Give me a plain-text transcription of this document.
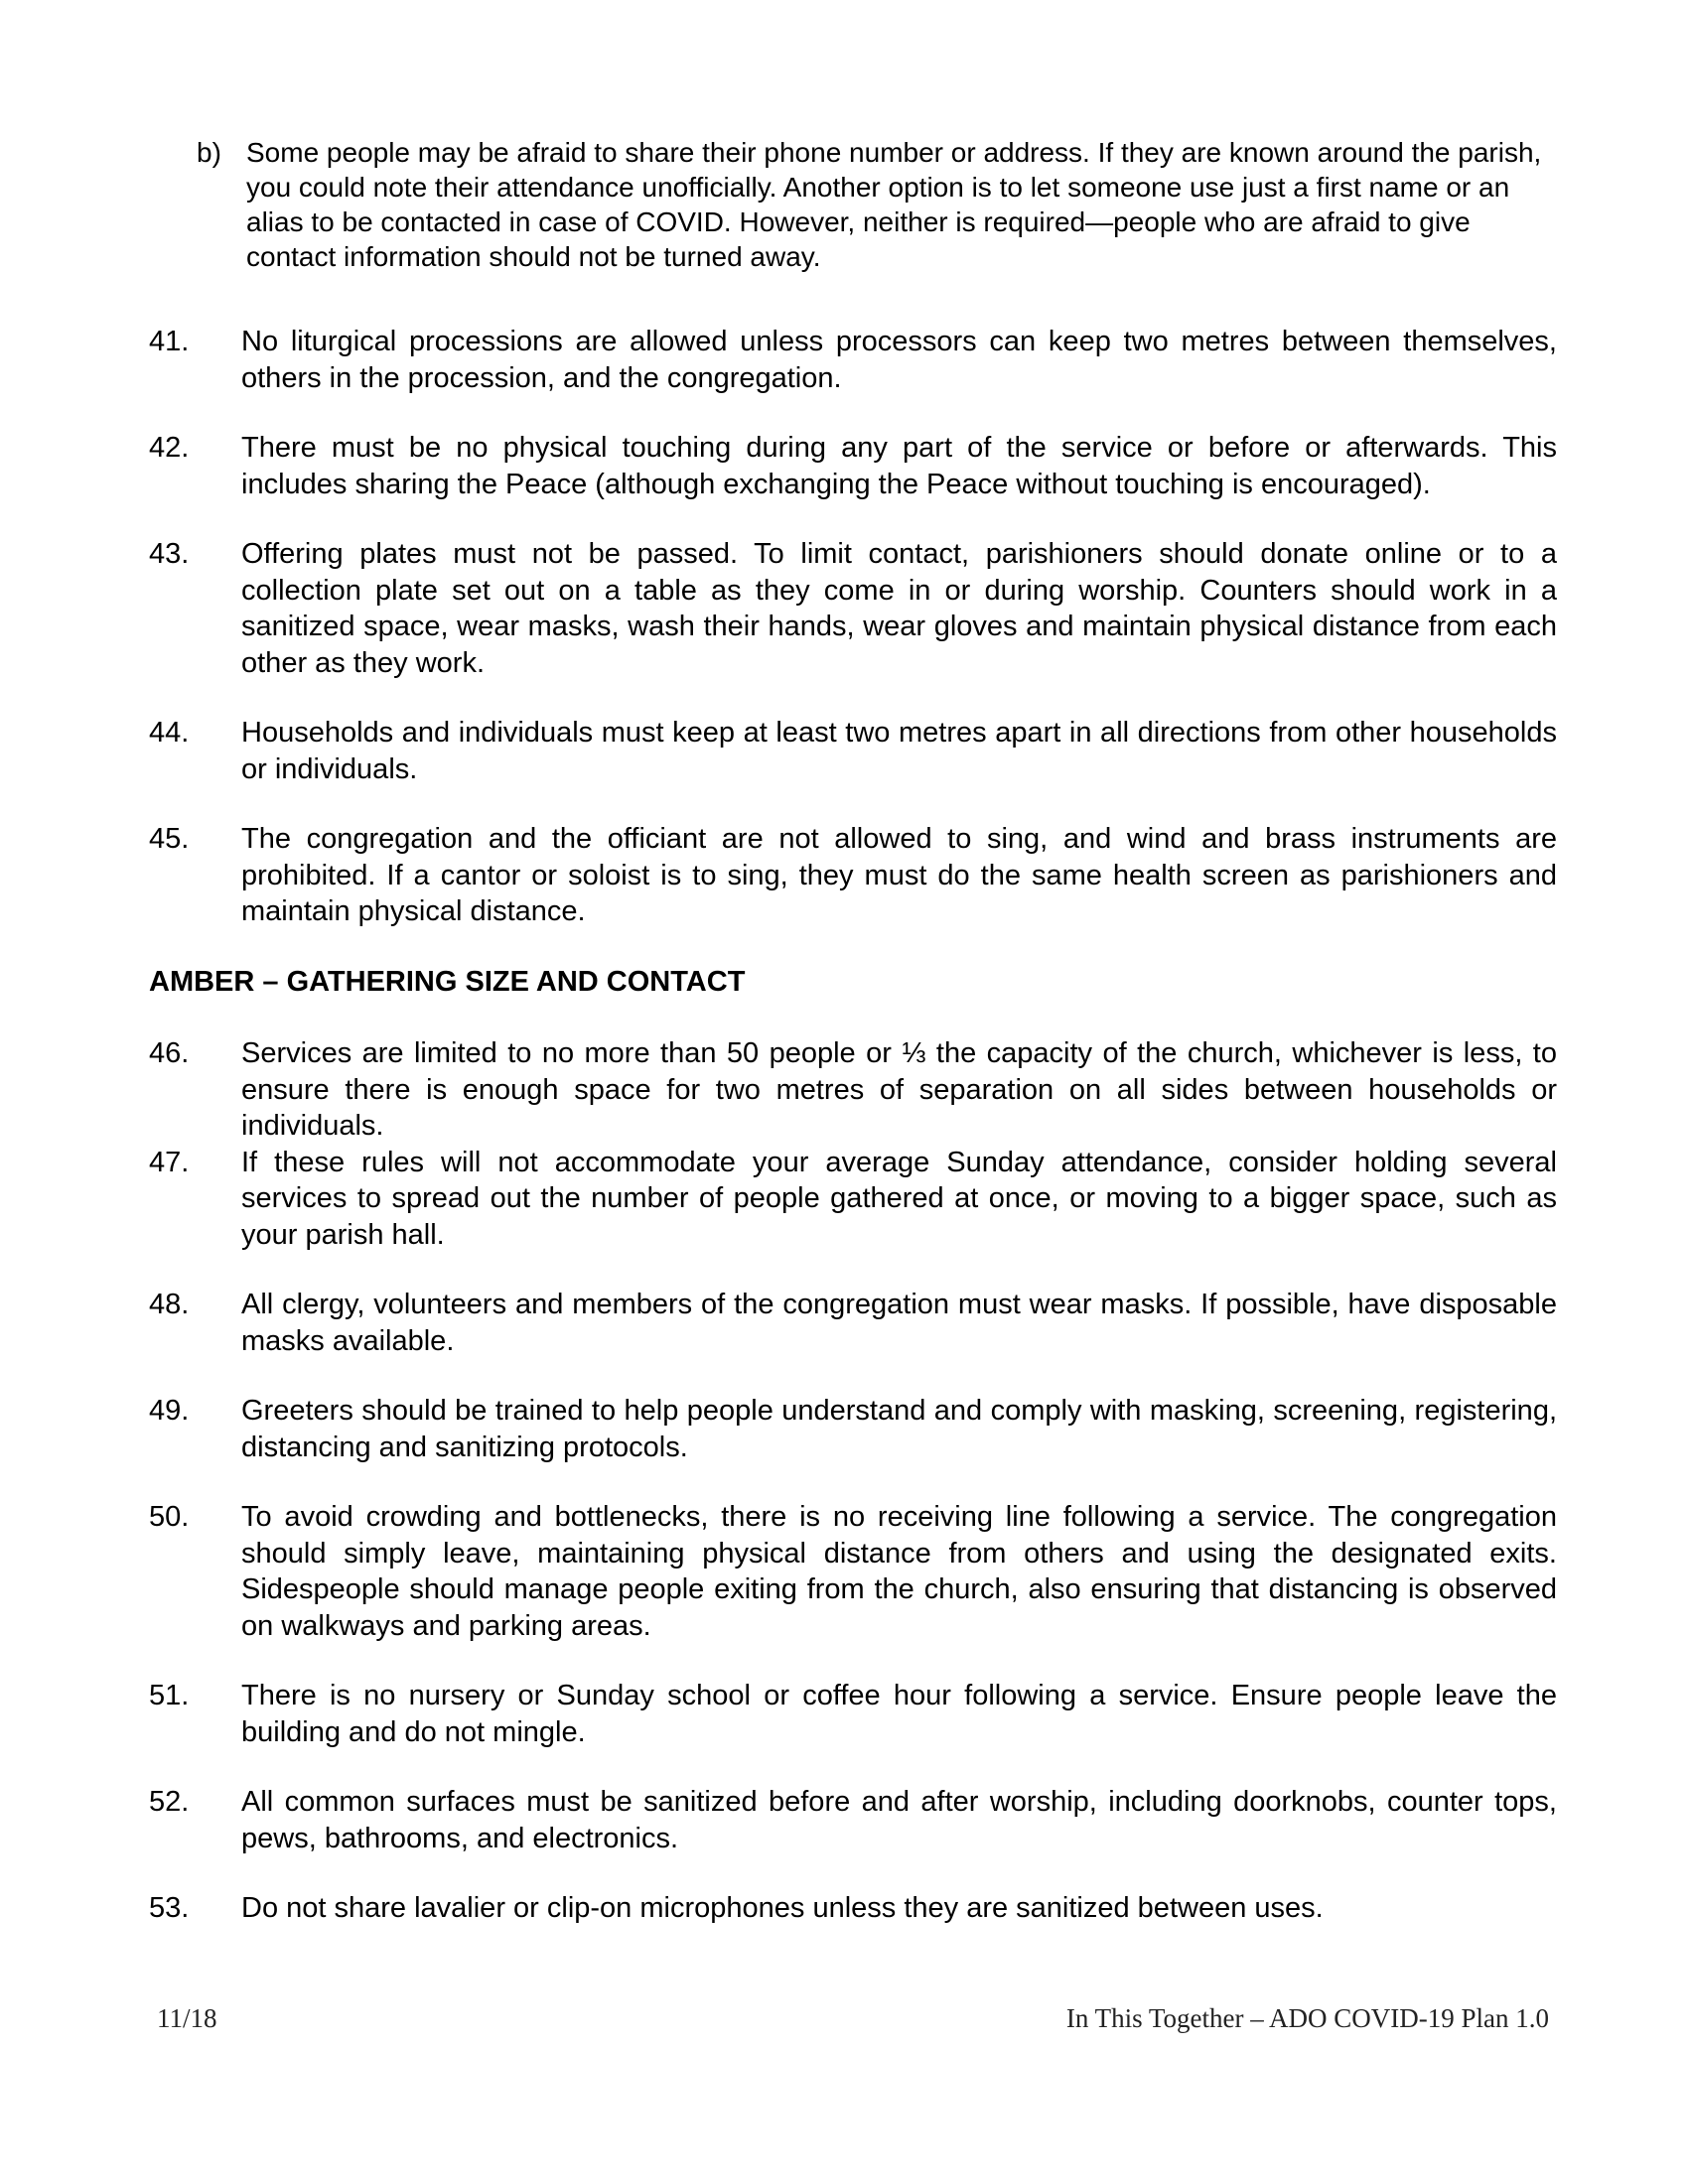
b) Some people may be afraid to share their phone number or address. If they are known around the parish, you could note their attendance unofficially. Another option is to let someone use just a first name or an alias to be contacted in case of COVID. However, neither is required—people who are afraid to give contact information should not be turned away.
41. No liturgical processions are allowed unless processors can keep two metres between themselves, others in the procession, and the congregation.
42. There must be no physical touching during any part of the service or before or afterwards. This includes sharing the Peace (although exchanging the Peace without touching is encouraged).
43. Offering plates must not be passed. To limit contact, parishioners should donate online or to a collection plate set out on a table as they come in or during worship. Counters should work in a sanitized space, wear masks, wash their hands, wear gloves and maintain physical distance from each other as they work.
44. Households and individuals must keep at least two metres apart in all directions from other households or individuals.
45. The congregation and the officiant are not allowed to sing, and wind and brass instruments are prohibited. If a cantor or soloist is to sing, they must do the same health screen as parishioners and maintain physical distance.
AMBER – GATHERING SIZE AND CONTACT
46. Services are limited to no more than 50 people or ⅓ the capacity of the church, whichever is less, to ensure there is enough space for two metres of separation on all sides between households or individuals.
47. If these rules will not accommodate your average Sunday attendance, consider holding several services to spread out the number of people gathered at once, or moving to a bigger space, such as your parish hall.
48. All clergy, volunteers and members of the congregation must wear masks. If possible, have disposable masks available.
49. Greeters should be trained to help people understand and comply with masking, screening, registering, distancing and sanitizing protocols.
50. To avoid crowding and bottlenecks, there is no receiving line following a service. The congregation should simply leave, maintaining physical distance from others and using the designated exits. Sidespeople should manage people exiting from the church, also ensuring that distancing is observed on walkways and parking areas.
51. There is no nursery or Sunday school or coffee hour following a service. Ensure people leave the building and do not mingle.
52. All common surfaces must be sanitized before and after worship, including doorknobs, counter tops, pews, bathrooms, and electronics.
53. Do not share lavalier or clip-on microphones unless they are sanitized between uses.
11/18	In This Together – ADO COVID-19 Plan 1.0
